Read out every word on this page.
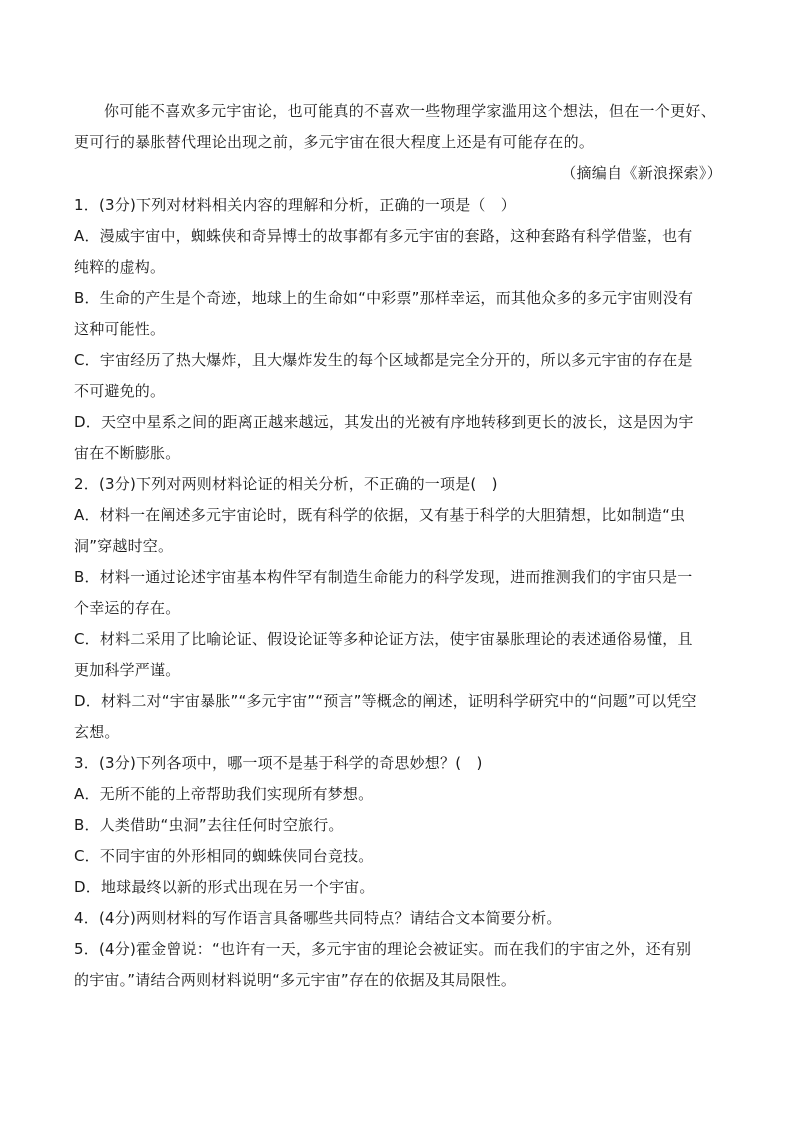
你可能不喜欢多元宇宙论，也可能真的不喜欢一些物理学家滥用这个想法，但在一个更好、更可行的暴胀替代理论出现之前，多元宇宙在很大程度上还是有可能存在的。

（摘编自《新浪探索》）
1．(3分)下列对材料相关内容的理解和分析，正确的一项是（　）
A．漫威宇宙中，蜘蛛侠和奇异博士的故事都有多元宇宙的套路，这种套路有科学借鉴，也有
纯粹的虚构。
B．生命的产生是个奇迹，地球上的生命如“中彩票”那样幸运，而其他众多的多元宇宙则没有
这种可能性。
C．宇宙经历了热大爆炸，且大爆炸发生的每个区域都是完全分开的，所以多元宇宙的存在是
不可避免的。
D．天空中星系之间的距离正越来越远，其发出的光被有序地转移到更长的波长，这是因为宇
宙在不断膨胀。
2．(3分)下列对两则材料论证的相关分析，不正确的一项是(　)
A．材料一在阐述多元宇宙论时，既有科学的依据，又有基于科学的大胆猜想，比如制造“虫
洞”穿越时空。
B．材料一通过论述宇宙基本构件罕有制造生命能力的科学发现，进而推测我们的宇宙只是一
个幸运的存在。
C．材料二采用了比喻论证、假设论证等多种论证方法，使宇宙暴胀理论的表述通俗易懂，且
更加科学严谨。
D．材料二对“宇宙暴胀”“多元宇宙”“预言”等概念的阐述，证明科学研究中的“问题”可以凭空
玄想。
3．(3分)下列各项中，哪一项不是基于科学的奇思妙想？(　)
A．无所不能的上帝帮助我们实现所有梦想。
B．人类借助“虫洞”去往任何时空旅行。
C．不同宇宙的外形相同的蜘蛛侠同台竞技。
D．地球最终以新的形式出现在另一个宇宙。
4．(4分)两则材料的写作语言具备哪些共同特点？请结合文本简要分析。
5．(4分)霍金曾说：“也许有一天，多元宇宙的理论会被证实。而在我们的宇宙之外，还有别
的宇宙。”请结合两则材料说明“多元宇宙”存在的依据及其局限性。
